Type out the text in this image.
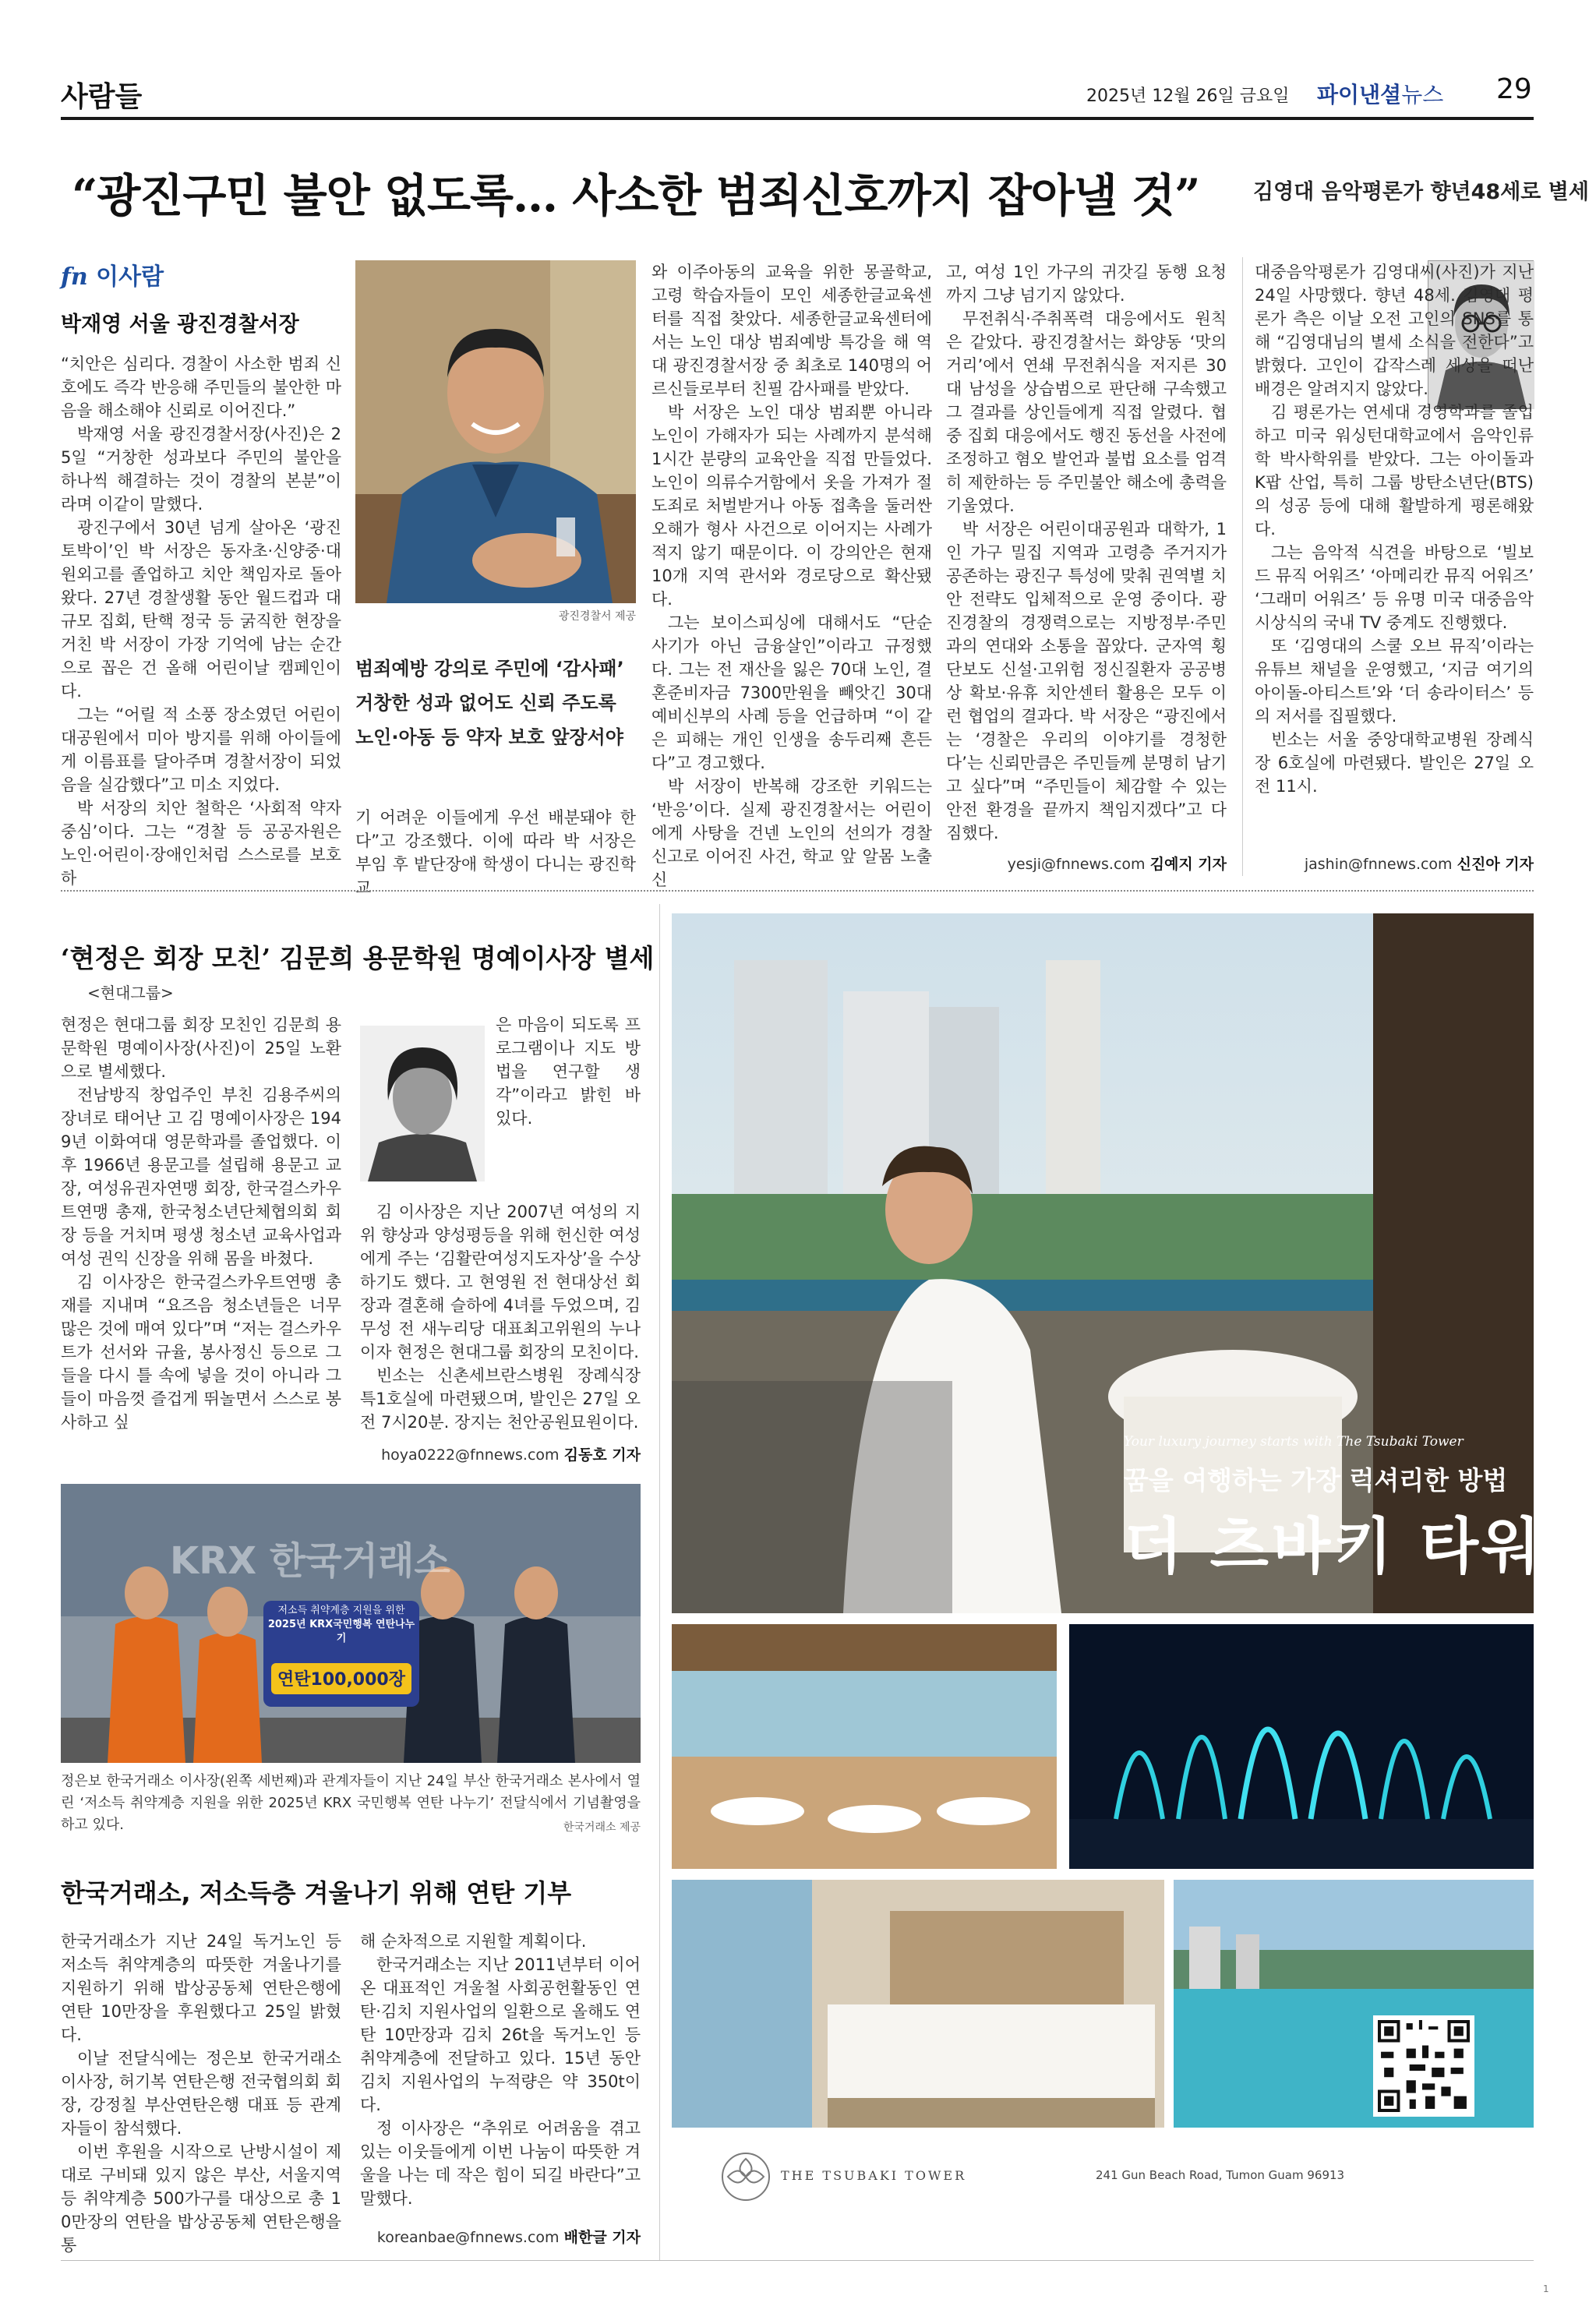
사람들	2025년 12월 26일 금요일 파이낸셜뉴스 29
“광진구민 불안 없도록… 사소한 범죄신호까지 잡아낼 것”	김영대 음악평론가 향년48세로 별세
fn 이사람
박재영 서울 광진경찰서장

“치안은 심리다. 경찰이 사소한 범죄 신호에도 즉각 반응해 주민들의 불안한 마음을 해소해야 신뢰로 이어진다.”

박재영 서울 광진경찰서장(사진)은 25일 “거창한 성과보다 주민의 불안을 하나씩 해결하는 것이 경찰의 본분”이라며 이같이 말했다.

광진구에서 30년 넘게 살아온 ‘광진 토박이’인 박 서장은 동자초·신양중·대원외고를 졸업하고 치안 책임자로 돌아왔다. 27년 경찰생활 동안 월드컵과 대규모 집회, 탄핵 정국 등 굵직한 현장을 거친 박 서장이 가장 기억에 남는 순간으로 꼽은 건 올해 어린이날 캠페인이다.

그는 “어릴 적 소풍 장소였던 어린이대공원에서 미아 방지를 위해 아이들에게 이름표를 달아주며 경찰서장이 되었음을 실감했다”고 미소 지었다.

박 서장의 치안 철학은 ‘사회적 약자 중심’이다. 그는 “경찰 등 공공자원은 노인·어린이·장애인처럼 스스로를 보호하

광진경찰서 제공
범죄예방 강의로 주민에 ‘감사패’
거창한 성과 없어도 신뢰 주도록
노인·아동 등 약자 보호 앞장서야
기 어려운 이들에게 우선 배분돼야 한다”고 강조했다. 이에 따라 박 서장은 부임 후 밭단장애 학생이 다니는 광진학교

와 이주아동의 교육을 위한 몽골학교, 고령 학습자들이 모인 세종한글교육센터를 직접 찾았다. 세종한글교육센터에서는 노인 대상 범죄예방 특강을 해 역대 광진경찰서장 중 최초로 140명의 어르신들로부터 친필 감사패를 받았다.

박 서장은 노인 대상 범죄뿐 아니라 노인이 가해자가 되는 사례까지 분석해 1시간 분량의 교육안을 직접 만들었다. 노인이 의류수거함에서 옷을 가져가 절도죄로 처벌받거나 아동 접촉을 둘러싼 오해가 형사 사건으로 이어지는 사례가 적지 않기 때문이다. 이 강의안은 현재 10개 지역 관서와 경로당으로 확산됐다.

그는 보이스피싱에 대해서도 “단순 사기가 아닌 금융살인”이라고 규정했다. 그는 전 재산을 잃은 70대 노인, 결혼준비자금 7300만원을 빼앗긴 30대 예비신부의 사례 등을 언급하며 “이 같은 피해는 개인 인생을 송두리째 흔든다”고 경고했다.

박 서장이 반복해 강조한 키워드는 ‘반응’이다. 실제 광진경찰서는 어린이에게 사탕을 건넨 노인의 선의가 경찰 신고로 이어진 사건, 학교 앞 알몸 노출 신

고, 여성 1인 가구의 귀갓길 동행 요청까지 그냥 넘기지 않았다.

무전취식·주취폭력 대응에서도 원칙은 같았다. 광진경찰서는 화양동 ‘맛의 거리’에서 연쇄 무전취식을 저지른 30대 남성을 상습범으로 판단해 구속했고 그 결과를 상인들에게 직접 알렸다. 협중 집회 대응에서도 행진 동선을 사전에 조정하고 혐오 발언과 불법 요소를 엄격히 제한하는 등 주민불안 해소에 총력을 기울였다.

박 서장은 어린이대공원과 대학가, 1인 가구 밀집 지역과 고령층 주거지가 공존하는 광진구 특성에 맞춰 권역별 치안 전략도 입체적으로 운영 중이다. 광진경찰의 경쟁력으로는 지방정부·주민과의 연대와 소통을 꼽았다. 군자역 횡단보도 신설·고위험 정신질환자 공공병상 확보·유휴 치안센터 활용은 모두 이런 협업의 결과다. 박 서장은 “광진에서는 ‘경찰은 우리의 이야기를 경청한다’는 신뢰만큼은 주민들께 분명히 남기고 싶다”며 “주민들이 체감할 수 있는 안전 환경을 끝까지 책임지겠다”고 다짐했다.

yesji@fnnews.com 김예지 기자

대중음악평론가 김영대씨(사진)가 지난 24일 사망했다. 향년 48세. 김영대 평론가 측은 이날 오전 고인의 SNS를 통해 “김영대님의 별세 소식을 전한다”고 밝혔다. 고인이 갑작스레 세상을 떠난 배경은 알려지지 않았다.

김 평론가는 연세대 경영학과를 졸업하고 미국 워싱턴대학교에서 음악인류학 박사학위를 받았다. 그는 아이돌과 K팝 산업, 특히 그룹 방탄소년단(BTS)의 성공 등에 대해 활발하게 평론해왔다.

그는 음악적 식견을 바탕으로 ‘빌보드 뮤직 어워즈’ ‘아메리칸 뮤직 어워즈’ ‘그래미 어워즈’ 등 유명 미국 대중음악 시상식의 국내 TV 중계도 진행했다.

또 ‘김영대의 스쿨 오브 뮤직’이라는 유튜브 채널을 운영했고, ‘지금 여기의 아이돌-아티스트’와 ‘더 송라이터스’ 등의 저서를 집필했다.

빈소는 서울 중앙대학교병원 장례식장 6호실에 마련됐다. 발인은 27일 오전 11시.

jashin@fnnews.com 신진아 기자
‘현정은 회장 모친’ 김문희 용문학원 명예이사장 별세
<현대그룹>

현정은 현대그룹 회장 모친인 김문희 용문학원 명예이사장(사진)이 25일 노환으로 별세했다.

전남방직 창업주인 부친 김용주씨의 장녀로 태어난 고 김 명예이사장은 1949년 이화여대 영문학과를 졸업했다. 이후 1966년 용문고를 설립해 용문고 교장, 여성유권자연맹 회장, 한국걸스카우트연맹 총재, 한국청소년단체협의회 회장 등을 거치며 평생 청소년 교육사업과 여성 권익 신장을 위해 몸을 바쳤다.

김 이사장은 한국걸스카우트연맹 총재를 지내며 “요즈음 청소년들은 너무 많은 것에 매여 있다”며 “저는 걸스카우트가 선서와 규율, 봉사정신 등으로 그들을 다시 틀 속에 넣을 것이 아니라 그들이 마음껏 즐겁게 뛰놀면서 스스로 봉사하고 싶

은 마음이 되도록 프로그램이나 지도 방법을 연구할 생각”이라고 밝힌 바 있다.

김 이사장은 지난 2007년 여성의 지위 향상과 양성평등을 위해 헌신한 여성에게 주는 ‘김활란여성지도자상’을 수상하기도 했다. 고 현영원 전 현대상선 회장과 결혼해 슬하에 4녀를 두었으며, 김무성 전 새누리당 대표최고위원의 누나이자 현정은 현대그룹 회장의 모친이다.

빈소는 신촌세브란스병원 장례식장 특1호실에 마련됐으며, 발인은 27일 오전 7시20분. 장지는 천안공원묘원이다.

hoya0222@fnnews.com 김동호 기자
KRX 한국거래소
저소득 취약계층 지원을 위한
2025년 KRX국민행복 연탄나누기
연탄100,000장
정은보 한국거래소 이사장(왼쪽 세번째)과 관계자들이 지난 24일 부산 한국거래소 본사에서 열린 ‘저소득 취약계층 지원을 위한 2025년 KRX 국민행복 연탄 나누기’ 전달식에서 기념촬영을 하고 있다.	한국거래소 제공
한국거래소, 저소득층 겨울나기 위해 연탄 기부

한국거래소가 지난 24일 독거노인 등 저소득 취약계층의 따뜻한 겨울나기를 지원하기 위해 밥상공동체 연탄은행에 연탄 10만장을 후원했다고 25일 밝혔다.

이날 전달식에는 정은보 한국거래소 이사장, 허기복 연탄은행 전국협의회 회장, 강정칠 부산연탄은행 대표 등 관계자들이 참석했다.

이번 후원을 시작으로 난방시설이 제대로 구비돼 있지 않은 부산, 서울지역 등 취약계층 500가구를 대상으로 총 10만장의 연탄을 밥상공동체 연탄은행을 통

해 순차적으로 지원할 계획이다.

한국거래소는 지난 2011년부터 이어온 대표적인 겨울철 사회공헌활동인 연탄·김치 지원사업의 일환으로 올해도 연탄 10만장과 김치 26t을 독거노인 등 취약계층에 전달하고 있다. 15년 동안 김치 지원사업의 누적량은 약 350t이다.

정 이사장은 “추위로 어려움을 겪고 있는 이웃들에게 이번 나눔이 따뜻한 겨울을 나는 데 작은 힘이 되길 바란다”고 말했다.

koreanbae@fnnews.com 배한글 기자
Your luxury journey starts with The Tsubaki Tower
꿈을 여행하는 가장 럭셔리한 방법
더 츠바키 타워
THE TSUBAKI TOWER	241 Gun Beach Road, Tumon Guam 96913
1
